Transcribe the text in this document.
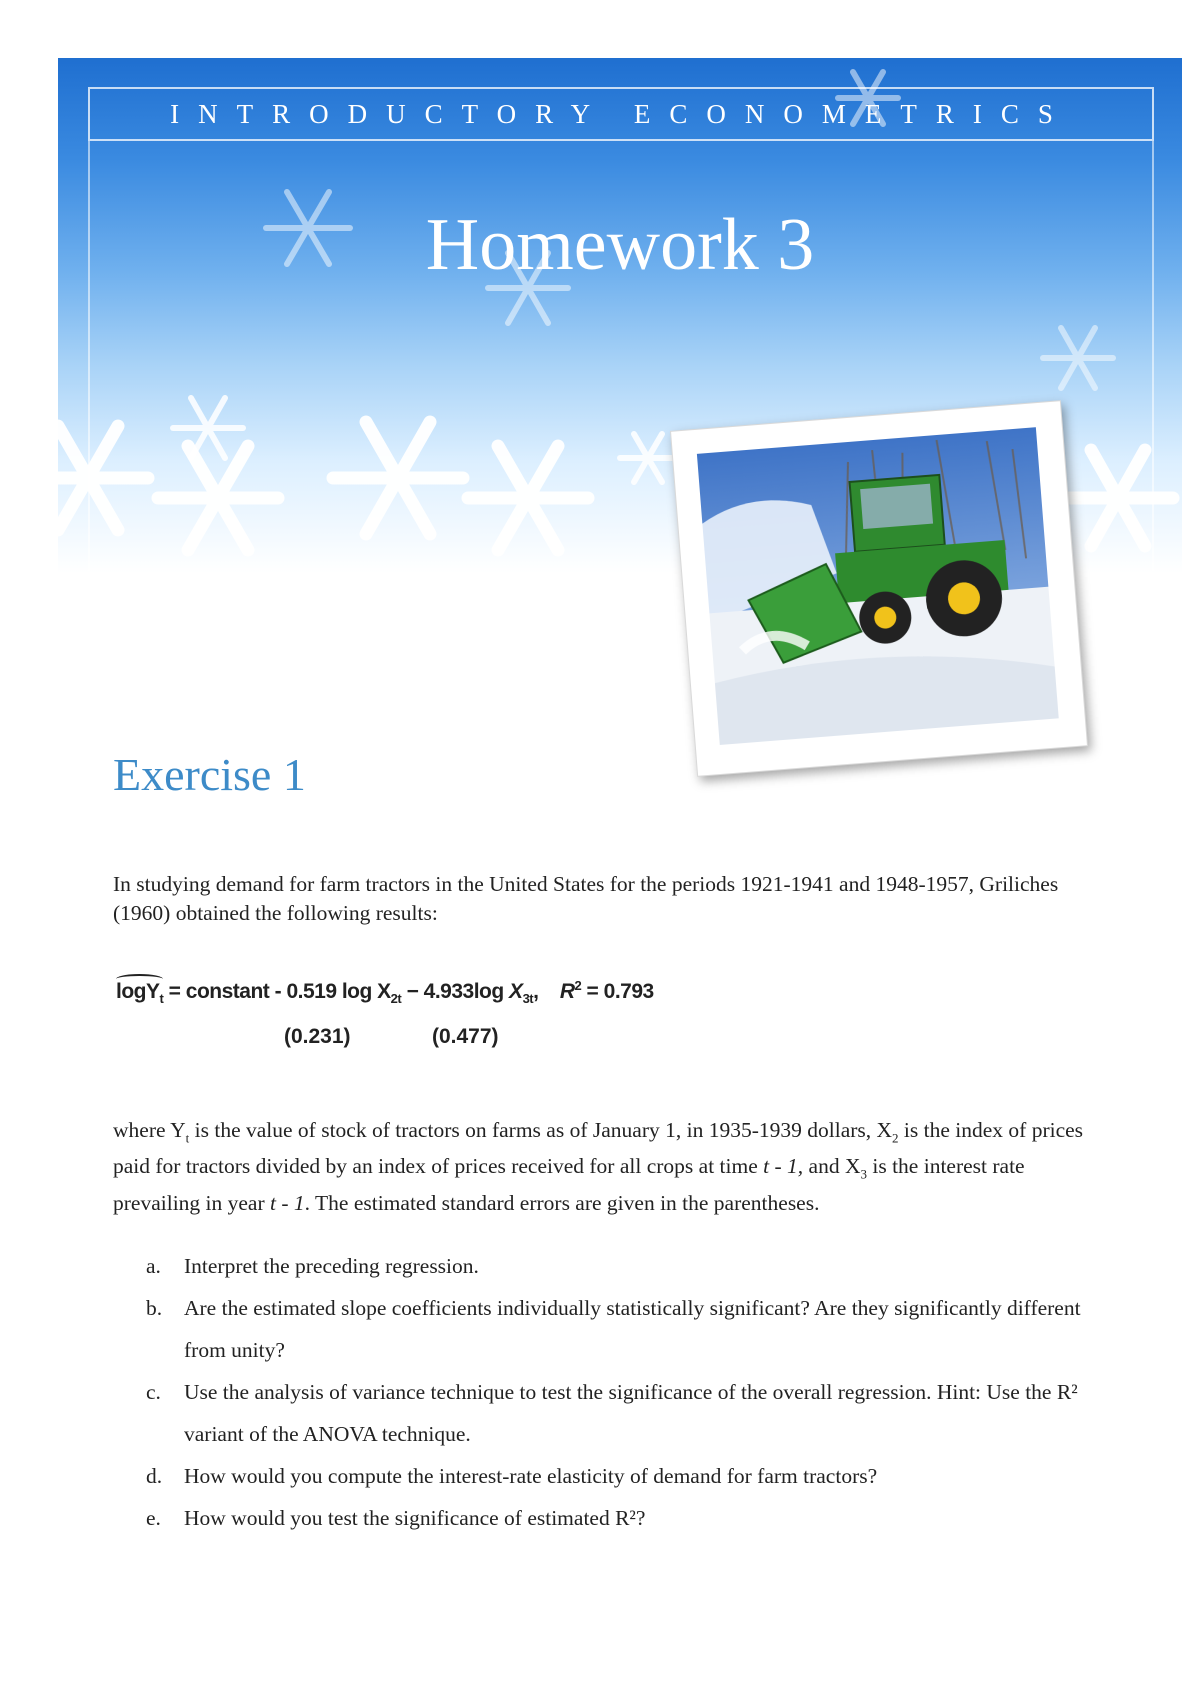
INTRODUCTORY ECONOMETRICS
Homework 3
Exercise 1

In studying demand for farm tractors in the United States for the periods 1921-1941 and 1948-1957, Griliches (1960) obtained the following results:

logY$_t$ = constant - 0.519 $\log X_{2t} - 4.933\log$ $X_{3t}$, $R^2 = 0.793$
(0.231)	(0.477)

where $Y_t$ is the value of stock of tractors on farms as of January 1, in 1935-1939 dollars, $X_2$ is the index of prices paid for tractors divided by an index of prices received for all crops at time t - 1, and $X_3$ is the interest rate prevailing in year t - 1. The estimated standard errors are given in the parentheses.

a. Interpret the preceding regression.
b. Are the estimated slope coefficients individually statistically significant? Are they significantly different from unity?
c. Use the analysis of variance technique to test the significance of the overall regression. Hint: Use the R² variant of the ANOVA technique.
d. How would you compute the interest-rate elasticity of demand for farm tractors?
e. How would you test the significance of estimated R²?
